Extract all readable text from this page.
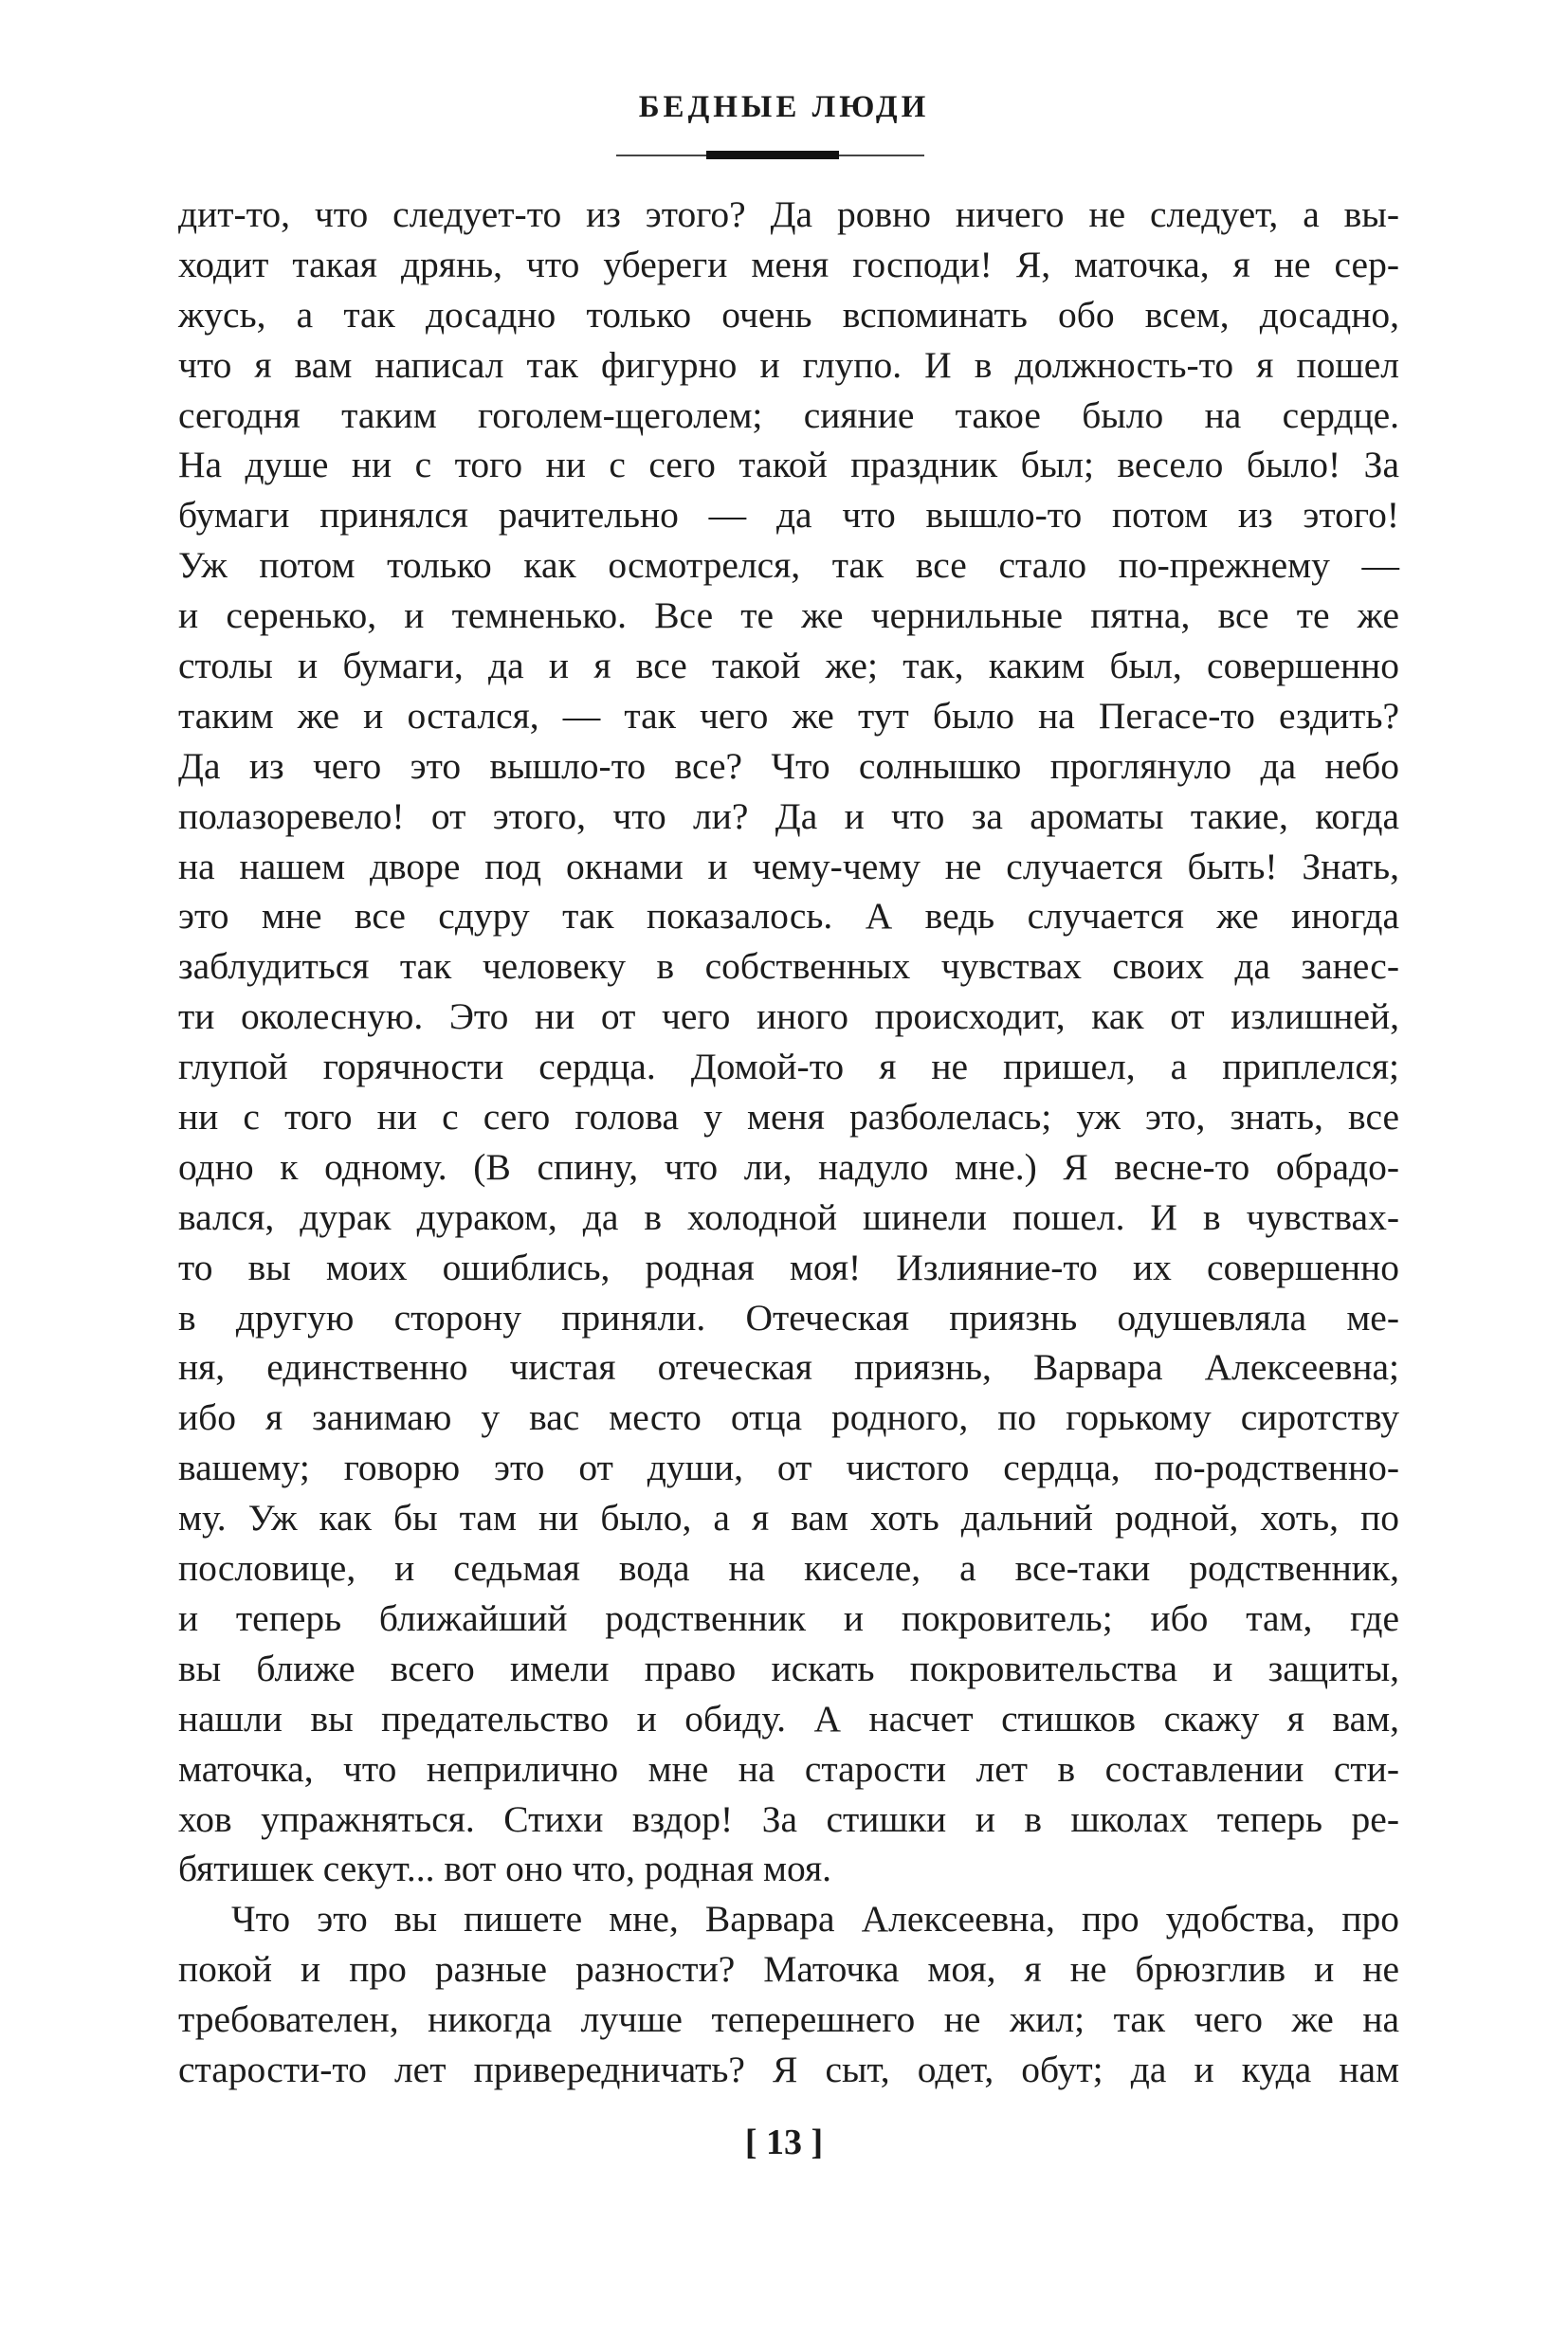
БЕДНЫЕ ЛЮДИ
дит-то, что следует-то из этого? Да ровно ничего не следует, а вы-
ходит такая дрянь, что убереги меня господи! Я, маточка, я не сер-
жусь, а так досадно только очень вспоминать обо всем, досадно,
что я вам написал так фигурно и глупо. И в должность-то я пошел
сегодня таким гоголем-щеголем; сияние такое было на сердце.
На душе ни с того ни с сего такой праздник был; весело было! За
бумаги принялся рачительно — да что вышло-то потом из этого!
Уж потом только как осмотрелся, так все стало по-прежнему —
и серенько, и темненько. Все те же чернильные пятна, все те же
столы и бумаги, да и я все такой же; так, каким был, совершенно
таким же и остался, — так чего же тут было на Пегасе-то ездить?
Да из чего это вышло-то все? Что солнышко проглянуло да небо
полазоревело! от этого, что ли? Да и что за ароматы такие, когда
на нашем дворе под окнами и чему-чему не случается быть! Знать,
это мне все сдуру так показалось. А ведь случается же иногда
заблудиться так человеку в собственных чувствах своих да занес-
ти околесную. Это ни от чего иного происходит, как от излишней,
глупой горячности сердца. Домой-то я не пришел, а приплелся;
ни с того ни с сего голова у меня разболелась; уж это, знать, все
одно к одному. (В спину, что ли, надуло мне.) Я весне-то обрадо-
вался, дурак дураком, да в холодной шинели пошел. И в чувствах-
то вы моих ошиблись, родная моя! Излияние-то их совершенно
в другую сторону приняли. Отеческая приязнь одушевляла ме-
ня, единственно чистая отеческая приязнь, Варвара Алексеевна;
ибо я занимаю у вас место отца родного, по горькому сиротству
вашему; говорю это от души, от чистого сердца, по-родственно-
му. Уж как бы там ни было, а я вам хоть дальний родной, хоть, по
пословице, и седьмая вода на киселе, а все-таки родственник,
и теперь ближайший родственник и покровитель; ибо там, где
вы ближе всего имели право искать покровительства и защиты,
нашли вы предательство и обиду. А насчет стишков скажу я вам,
маточка, что неприлично мне на старости лет в составлении сти-
хов упражняться. Стихи вздор! За стишки и в школах теперь ре-
бятишек секут... вот оно что, родная моя.
Что это вы пишете мне, Варвара Алексеевна, про удобства, про
покой и про разные разности? Маточка моя, я не брюзглив и не
требователен, никогда лучше теперешнего не жил; так чего же на
старости-то лет привередничать? Я сыт, одет, обут; да и куда нам
[ 13 ]
